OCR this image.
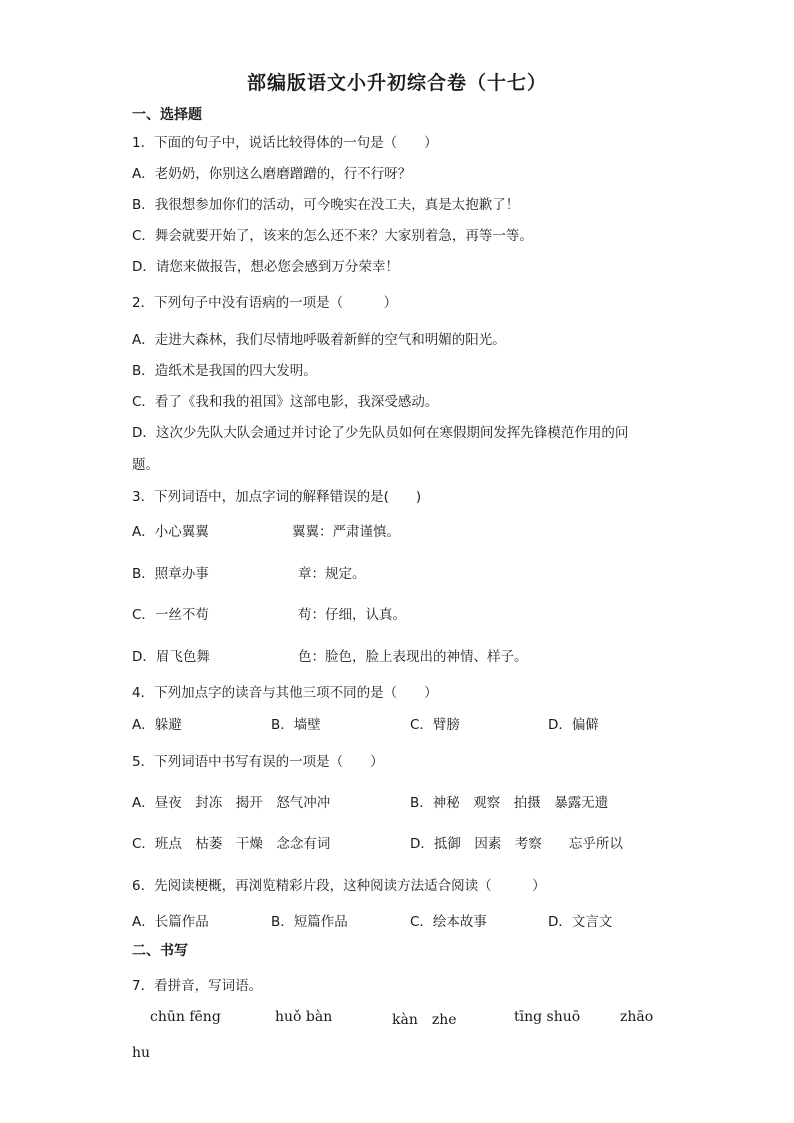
部编版语文小升初综合卷（十七）
一、选择题
1．下面的句子中，说话比较得体的一句是（　　）
A．老奶奶，你别这么磨磨蹭蹭的，行不行呀？
B．我很想参加你们的活动，可今晚实在没工夫，真是太抱歉了！
C．舞会就要开始了，该来的怎么还不来？大家别着急，再等一等。
D．请您来做报告，想必您会感到万分荣幸！
2．下列句子中没有语病的一项是（　　　）
A．走进大森林，我们尽情地呼吸着新鲜的空气和明媚的阳光。
B．造纸术是我国的四大发明。
C．看了《我和我的祖国》这部电影，我深受感动。
D．这次少先队大队会通过并讨论了少先队员如何在寒假期间发挥先锋模范作用的问
题。
3．下列词语中，加点字词的解释错误的是(　　)
A．小心翼翼	翼翼：严肃谨慎。
B．照章办事	章：规定。
C．一丝不苟	苟：仔细，认真。
D．眉飞色舞	色：脸色，脸上表现出的神情、样子。
4．下列加点字的读音与其他三项不同的是（　　）
A．躲避	B．墙壁	C．臂膀	D．偏僻
5．下列词语中书写有误的一项是（　　）
A．昼夜　封冻　揭开　怒气冲冲	B．神秘　观察　拍摄　暴露无遗
C．班点　枯萎　干燥　念念有词	D．抵御　因素　考察　　忘乎所以
6．先阅读梗概，再浏览精彩片段，这种阅读方法适合阅读（　　　）
A．长篇作品	B．短篇作品	C．绘本故事	D．文言文
二、书写
7．看拼音，写词语。
chūn fēng	huǒ bàn	kàn　zhe	tīng shuō	zhāo
hu
